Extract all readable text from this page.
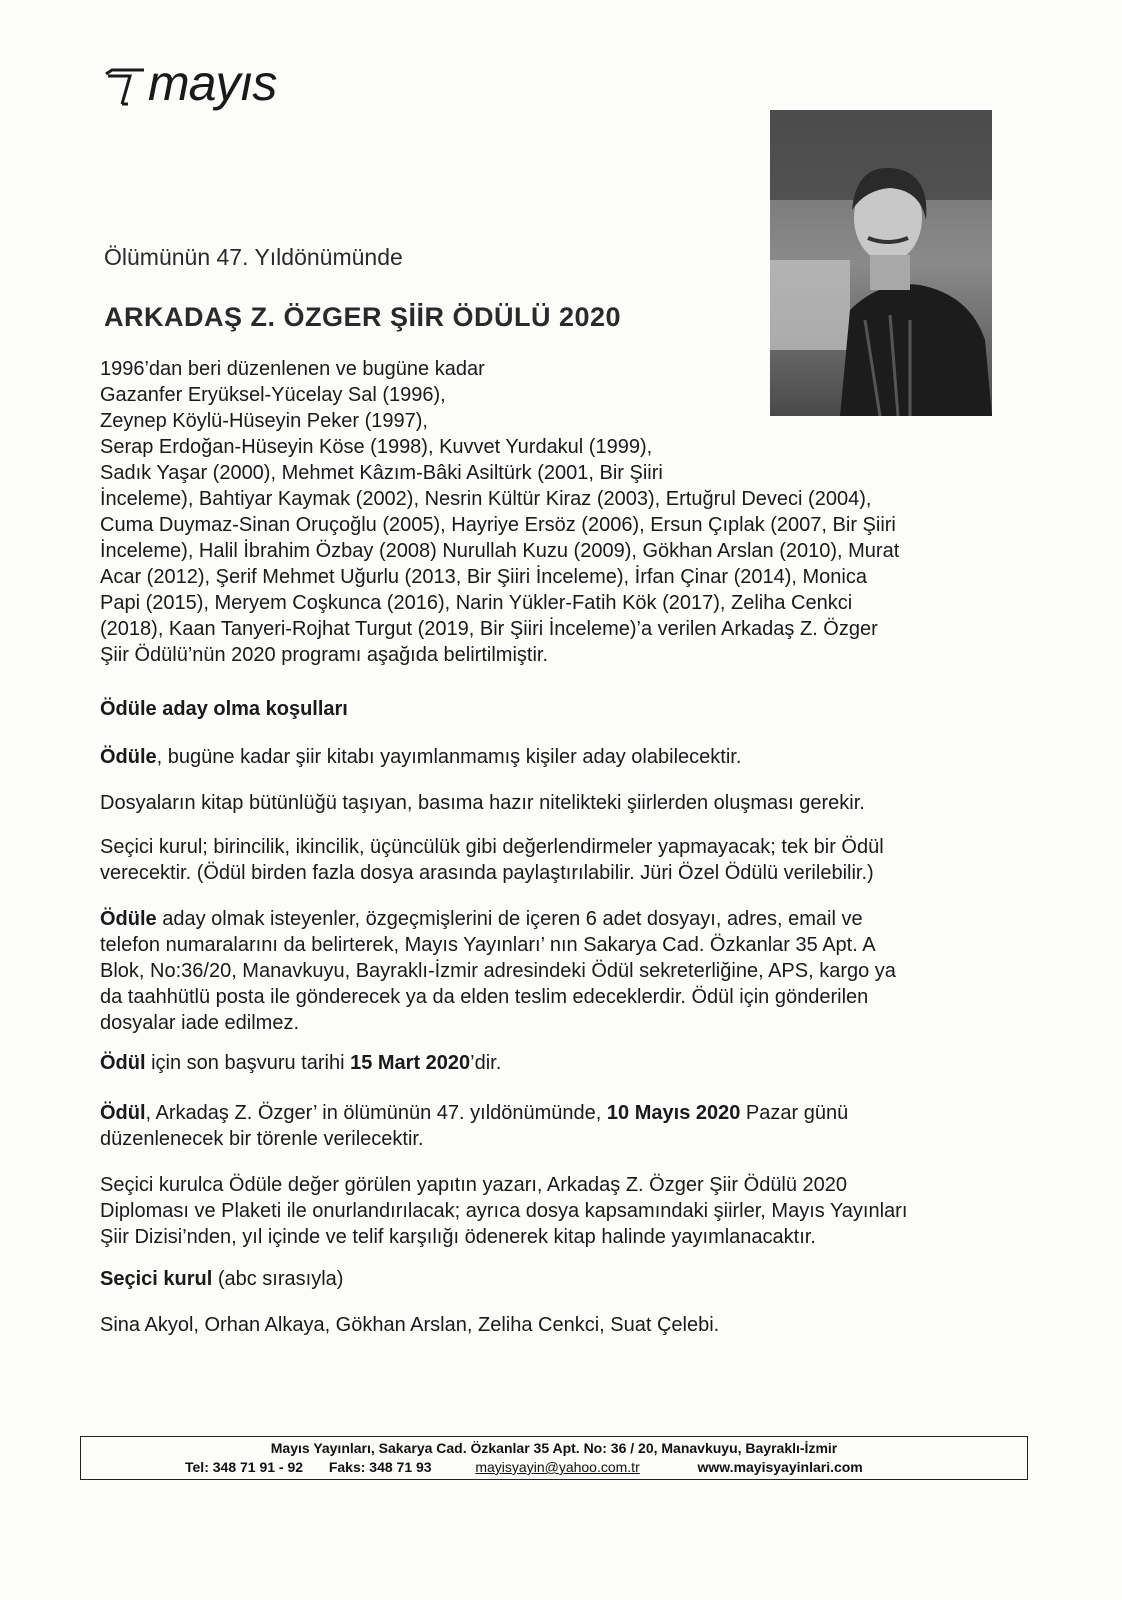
mayıs
Ölümünün 47. Yıldönümünde
ARKADAŞ Z. ÖZGER ŞİİR ÖDÜLÜ 2020

1996’dan beri düzenlenen ve bugüne kadar
Gazanfer Eryüksel-Yücelay Sal (1996),
Zeynep Köylü-Hüseyin Peker (1997),
Serap Erdoğan-Hüseyin Köse (1998), Kuvvet Yurdakul (1999),
Sadık Yaşar (2000), Mehmet Kâzım-Bâki Asiltürk (2001, Bir Şiiri
İnceleme), Bahtiyar Kaymak (2002), Nesrin Kültür Kiraz (2003), Ertuğrul Deveci (2004),
Cuma Duymaz-Sinan Oruçoğlu (2005), Hayriye Ersöz (2006), Ersun Çıplak (2007, Bir Şiiri
İnceleme), Halil İbrahim Özbay (2008) Nurullah Kuzu (2009), Gökhan Arslan (2010), Murat
Acar (2012), Şerif Mehmet Uğurlu (2013, Bir Şiiri İnceleme), İrfan Çinar (2014), Monica
Papi (2015), Meryem Coşkunca (2016), Narin Yükler-Fatih Kök (2017), Zeliha Cenkci
(2018), Kaan Tanyeri-Rojhat Turgut (2019, Bir Şiiri İnceleme)’a verilen Arkadaş Z. Özger
Şiir Ödülü’nün 2020 programı aşağıda belirtilmiştir.

Ödüle aday olma koşulları

Ödüle, bugüne kadar şiir kitabı yayımlanmamış kişiler aday olabilecektir.

Dosyaların kitap bütünlüğü taşıyan, basıma hazır nitelikteki şiirlerden oluşması gerekir.

Seçici kurul; birincilik, ikincilik, üçüncülük gibi değerlendirmeler yapmayacak; tek bir Ödül

verecektir. (Ödül birden fazla dosya arasında paylaştırılabilir. Jüri Özel Ödülü verilebilir.)

Ödüle aday olmak isteyenler, özgeçmişlerini de içeren 6 adet dosyayı, adres, email ve

telefon numaralarını da belirterek, Mayıs Yayınları’ nın Sakarya Cad. Özkanlar 35 Apt. A

Blok, No:36/20, Manavkuyu, Bayraklı-İzmir adresindeki Ödül sekreterliğine, APS, kargo ya

da taahhütlü posta ile gönderecek ya da elden teslim edeceklerdir. Ödül için gönderilen

dosyalar iade edilmez.

Ödül için son başvuru tarihi 15 Mart 2020’dir.

Ödül, Arkadaş Z. Özger’ in ölümünün 47. yıldönümünde, 10 Mayıs 2020 Pazar günü

düzenlenecek bir törenle verilecektir.

Seçici kurulca Ödüle değer görülen yapıtın yazarı, Arkadaş Z. Özger Şiir Ödülü 2020

Diploması ve Plaketi ile onurlandırılacak; ayrıca dosya kapsamındaki şiirler, Mayıs Yayınları

Şiir Dizisi’nden, yıl içinde ve telif karşılığı ödenerek kitap halinde yayımlanacaktır.

Seçici kurul (abc sırasıyla)

Sina Akyol, Orhan Alkaya, Gökhan Arslan, Zeliha Cenkci, Suat Çelebi.

Mayıs Yayınları, Sakarya Cad. Özkanlar 35 Apt. No: 36 / 20, Manavkuyu, Bayraklı-İzmir
Tel: 348 71 91 - 92 Faks: 348 71 93	mayisyayin@yahoo.com.tr	www.mayisyayinlari.com
